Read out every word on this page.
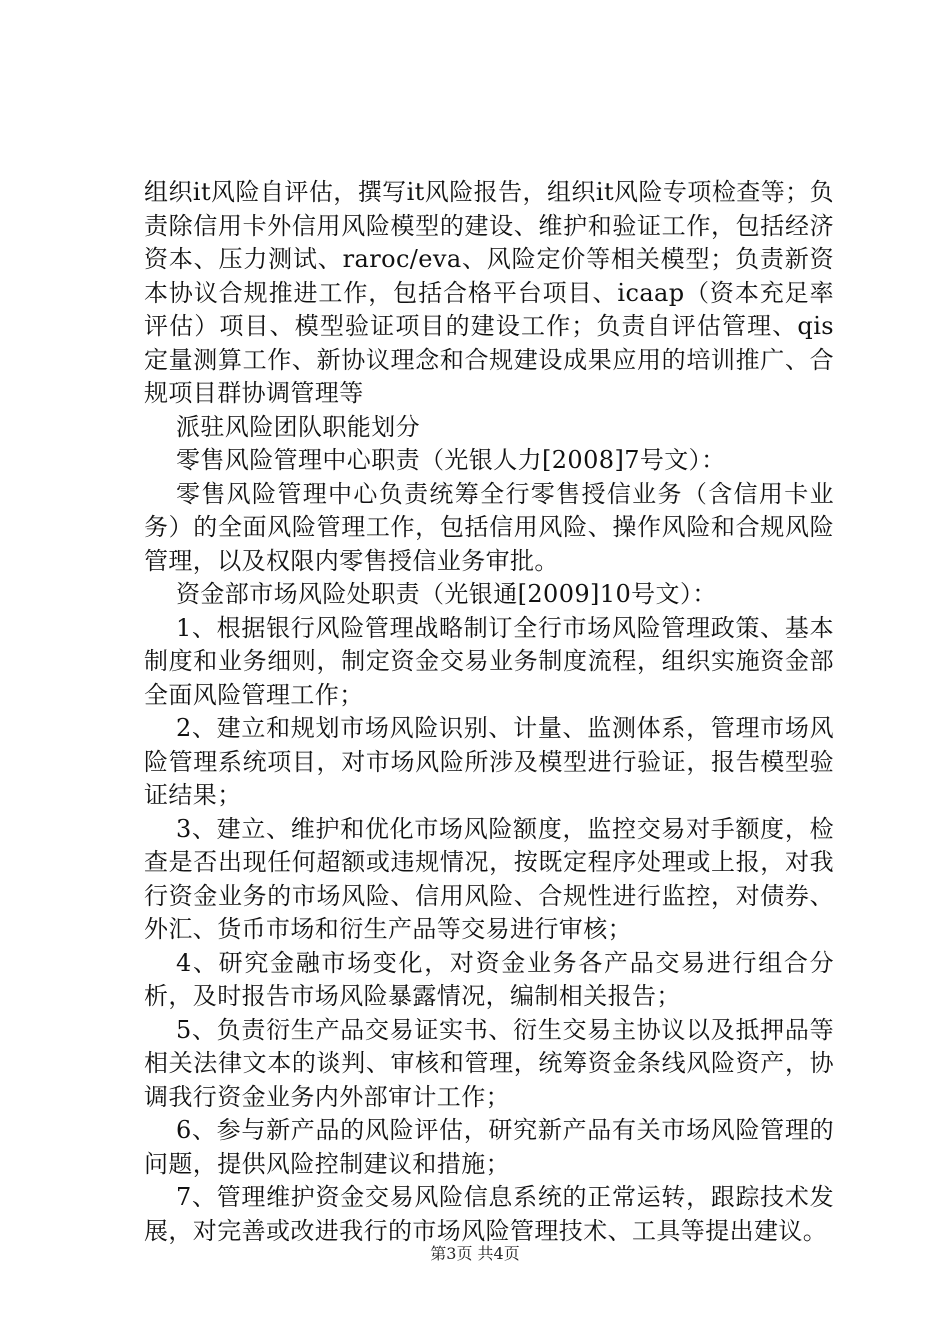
组织it风险自评估，撰写it风险报告，组织it风险专项检查等；负责除信用卡外信用风险模型的建设、维护和验证工作，包括经济资本、压力测试、raroc/eva、风险定价等相关模型；负责新资本协议合规推进工作，包括合格平台项目、icaap（资本充足率评估）项目、模型验证项目的建设工作；负责自评估管理、qis定量测算工作、新协议理念和合规建设成果应用的培训推广、合规项目群协调管理等

派驻风险团队职能划分

零售风险管理中心职责（光银人力[2008]7号文）：

零售风险管理中心负责统筹全行零售授信业务（含信用卡业务）的全面风险管理工作，包括信用风险、操作风险和合规风险管理，以及权限内零售授信业务审批。

资金部市场风险处职责（光银通[2009]10号文）：

1、根据银行风险管理战略制订全行市场风险管理政策、基本制度和业务细则，制定资金交易业务制度流程，组织实施资金部全面风险管理工作；

2、建立和规划市场风险识别、计量、监测体系，管理市场风险管理系统项目，对市场风险所涉及模型进行验证，报告模型验证结果；

3、建立、维护和优化市场风险额度，监控交易对手额度，检查是否出现任何超额或违规情况，按既定程序处理或上报，对我行资金业务的市场风险、信用风险、合规性进行监控，对债券、外汇、货币市场和衍生产品等交易进行审核；

4、研究金融市场变化，对资金业务各产品交易进行组合分析，及时报告市场风险暴露情况，编制相关报告；

5、负责衍生产品交易证实书、衍生交易主协议以及抵押品等相关法律文本的谈判、审核和管理，统筹资金条线风险资产，协调我行资金业务内外部审计工作；

6、参与新产品的风险评估，研究新产品有关市场风险管理的问题，提供风险控制建议和措施；

7、管理维护资金交易风险信息系统的正常运转，跟踪技术发展，对完善或改进我行的市场风险管理技术、工具等提出建议。

第3页 共4页
